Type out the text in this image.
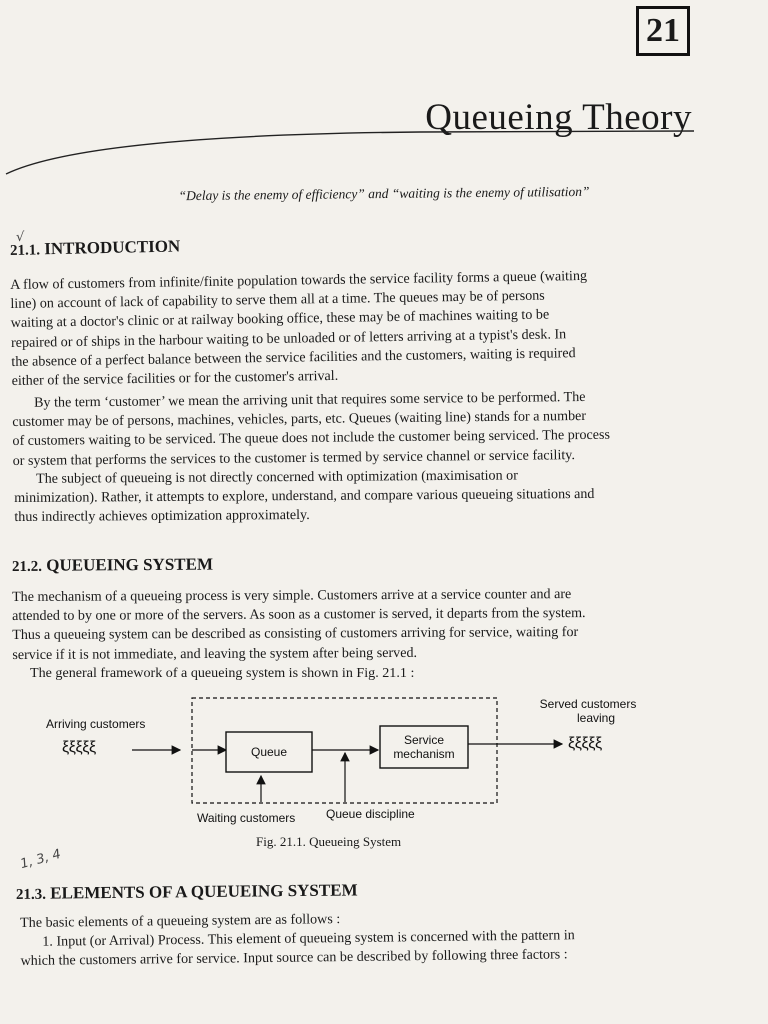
21
Queueing Theory
“Delay is the enemy of efficiency” and “waiting is the enemy of utilisation”
√
21.1. INTRODUCTION

A flow of customers from infinite/finite population towards the service facility forms a queue (waiting

line) on account of lack of capability to serve them all at a time. The queues may be of persons

waiting at a doctor's clinic or at railway booking office, these may be of machines waiting to be

repaired or of ships in the harbour waiting to be unloaded or of letters arriving at a typist's desk. In

the absence of a perfect balance between the service facilities and the customers, waiting is required

either of the service facilities or for the customer's arrival.

By the term ‘customer’ we mean the arriving unit that requires some service to be performed. The

customer may be of persons, machines, vehicles, parts, etc. Queues (waiting line) stands for a number

of customers waiting to be serviced. The queue does not include the customer being serviced. The process

or system that performs the services to the customer is termed by service channel or service facility.

The subject of queueing is not directly concerned with optimization (maximisation or

minimization). Rather, it attempts to explore, understand, and compare various queueing situations and

thus indirectly achieves optimization approximately.

21.2. QUEUEING SYSTEM

The mechanism of a queueing process is very simple. Customers arrive at a service counter and are

attended to by one or more of the servers. As soon as a customer is served, it departs from the system.

Thus a queueing system can be described as consisting of customers arriving for service, waiting for

service if it is not immediate, and leaving the system after being served.

The general framework of a queueing system is shown in Fig. 21.1 :
Arriving customers
ξξξξξ	Queue
Service
mechanism
Served customers
leaving
ξξξξξ
Waiting customers	Queue discipline
Fig. 21.1. Queueing System
1, 3, 4
21.3. ELEMENTS OF A QUEUEING SYSTEM

The basic elements of a queueing system are as follows :

1. Input (or Arrival) Process. This element of queueing system is concerned with the pattern in

which the customers arrive for service. Input source can be described by following three factors :
